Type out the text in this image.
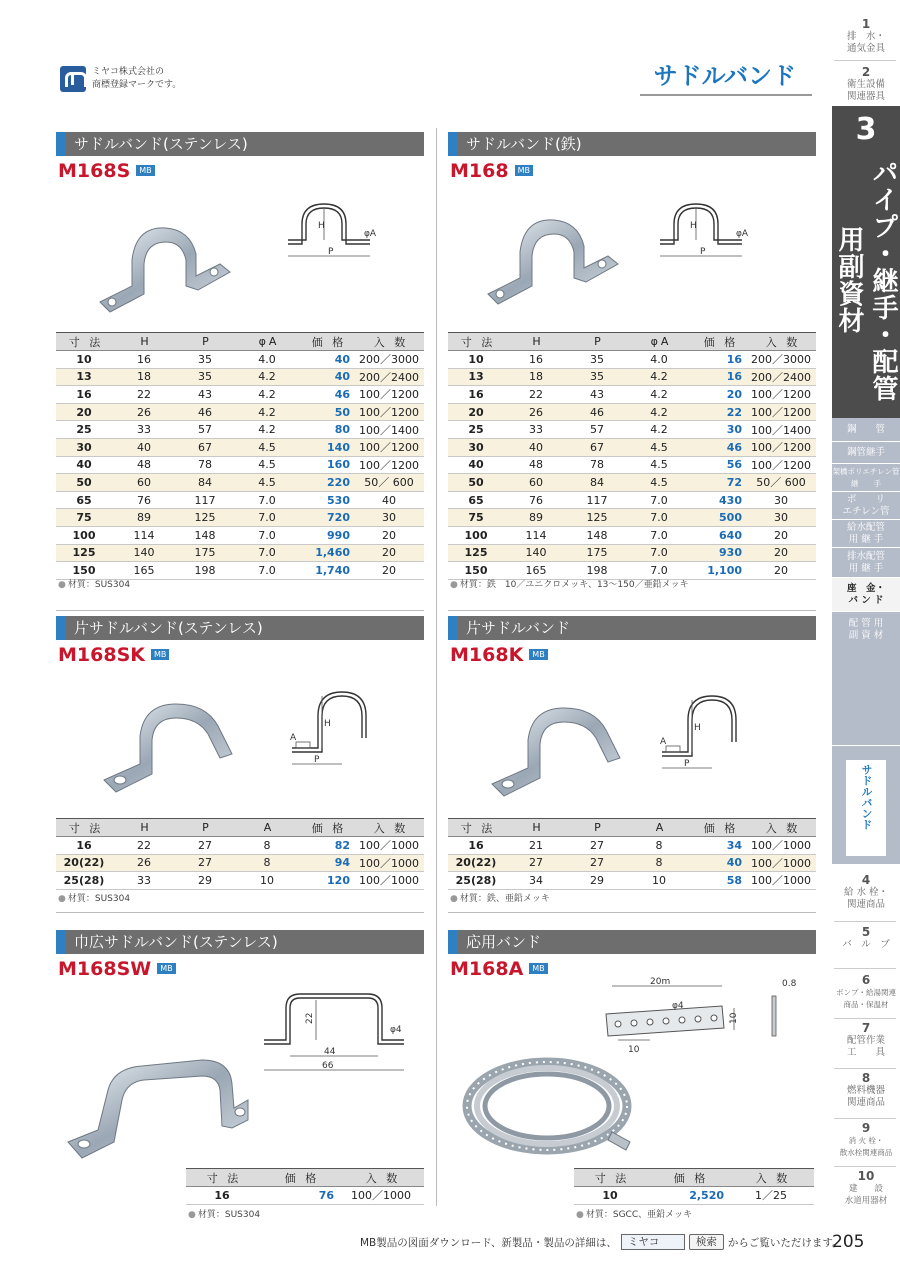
ミヤコ株式会社の
商標登録マークです。	サドルバンド
1
排　水・
通気金具
2
衛生設備
関連器具
3
パイプ・継手・配管用副資材
鋼　　管
鋼管継手
架橋ポリエチレン管
継　　手
ポ　　リ
エチレン管
給水配管
用 継 手
排水配管
用 継 手
座　金・
バ ン ド
配 管 用
副 資 材
サドルバンド
4
給 水 栓・
関連商品
5
バ　ル　ブ
6
ポンプ・給湯関連
商品・保温材
7
配管作業
工　　具
8
燃料機器
関連商品
9
消 火 栓・
散水栓関連商品
10
建　　設
水道用器材
サドルバンド(ステンレス)
M168S MB
H
P
φA
寸 法	H	P	φA	価 格	入 数
10	16	35	4.0	40	200／3000
13	18	35	4.2	40	200／2400
16	22	43	4.2	46	100／1200
20	26	46	4.2	50	100／1200
25	33	57	4.2	80	100／1400
30	40	67	4.5	140	100／1200
40	48	78	4.5	160	100／1200
50	60	84	4.5	220	50／ 600
65	76	117	7.0	530	40
75	89	125	7.0	720	30
100	114	148	7.0	990	20
125	140	175	7.0	1,460	20
150	165	198	7.0	1,740	20
● 材質：SUS304
サドルバンド(鉄)
M168 MB
H
P
φA
寸 法	H	P	φA	価 格	入 数
10	16	35	4.0	16	200／3000
13	18	35	4.2	16	200／2400
16	22	43	4.2	20	100／1200
20	26	46	4.2	22	100／1200
25	33	57	4.2	30	100／1400
30	40	67	4.5	46	100／1200
40	48	78	4.5	56	100／1200
50	60	84	4.5	72	50／ 600
65	76	117	7.0	430	30
75	89	125	7.0	500	30
100	114	148	7.0	640	20
125	140	175	7.0	930	20
150	165	198	7.0	1,100	20
● 材質：鉄　10／ユニクロメッキ、13～150／亜鉛メッキ
片サドルバンド(ステンレス)
M168SK MB
A
H
P
寸 法	H	P	A	価 格	入 数
16	22	27	8	82	100／1000
20(22)	26	27	8	94	100／1000
25(28)	33	29	10	120	100／1000
● 材質：SUS304
片サドルバンド
M168K MB
A
H
P
寸 法	H	P	A	価 格	入 数
16	21	27	8	34	100／1000
20(22)	27	27	8	40	100／1000
25(28)	34	29	10	58	100／1000
● 材質：鉄、亜鉛メッキ
巾広サドルバンド(ステンレス)
M168SW MB
22
44
66
φ4
寸 法	価 格	入 数
16	76	100／1000
● 材質：SUS304
応用バンド
M168A MB
20m
φ4
10
10
0.8
寸 法	価 格	入 数
10	2,520	1／25
● 材質：SGCC、亜鉛メッキ
MB製品の図面ダウンロード、新製品・製品の詳細は、	ミヤコ	検索	からご覧いただけます。
205
